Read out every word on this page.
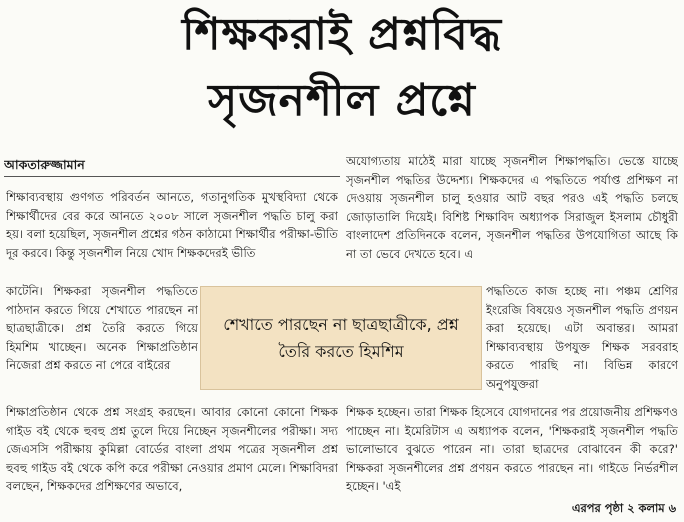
শিক্ষকরাই প্রশ্নবিদ্ধ
সৃজনশীল প্রশ্নে
আকতারুজ্জামান
শিক্ষাব্যবস্থায় গুণগত পরিবর্তন আনতে, গতানুগতিক মুখস্থবিদ্যা থেকে শিক্ষার্থীদের বের করে আনতে ২০০৮ সালে সৃজনশীল পদ্ধতি চালু করা হয়। বলা হয়েছিল, সৃজনশীল প্রশ্নের গঠন কাঠামো শিক্ষার্থীর পরীক্ষা-ভীতি দূর করবে। কিন্তু সৃজনশীল নিয়ে খোদ শিক্ষকদেরই ভীতি
কাটেনি। শিক্ষকরা সৃজনশীল পদ্ধতিতে পাঠদান করতে গিয়ে শেখাতে পারছেন না ছাত্রছাত্রীকে। প্রশ্ন তৈরি করতে গিয়ে হিমশিম খাচ্ছেন। অনেক শিক্ষাপ্রতিষ্ঠান নিজেরা প্রশ্ন করতে না পেরে বাইরের
শিক্ষাপ্রতিষ্ঠান থেকে প্রশ্ন সংগ্রহ করছেন। আবার কোনো কোনো শিক্ষক গাইড বই থেকে হুবহু প্রশ্ন তুলে দিয়ে নিচ্ছেন সৃজনশীলের পরীক্ষা। সদ্য জেএসসি পরীক্ষায় কুমিল্লা বোর্ডের বাংলা প্রথম পত্রের সৃজনশীল প্রশ্ন হুবহু গাইড বই থেকে কপি করে পরীক্ষা নেওয়ার প্রমাণ মেলে। শিক্ষাবিদরা বলছেন, শিক্ষকদের প্রশিক্ষণের অভাবে,
অযোগ্যতায় মাঠেই মারা যাচ্ছে সৃজনশীল শিক্ষাপদ্ধতি। ভেস্তে যাচ্ছে সৃজনশীল পদ্ধতির উদ্দেশ্য। শিক্ষকদের এ পদ্ধতিতে পর্যাপ্ত প্রশিক্ষণ না দেওয়ায় সৃজনশীল চালু হওয়ার আট বছর পরও এই পদ্ধতি চলছে জোড়াতালি দিয়েই। বিশিষ্ট শিক্ষাবিদ অধ্যাপক সিরাজুল ইসলাম চৌধুরী বাংলাদেশ প্রতিদিনকে বলেন, সৃজনশীল পদ্ধতির উপযোগিতা আছে কি না তা ভেবে দেখতে হবে। এ
পদ্ধতিতে কাজ হচ্ছে না। পঞ্চম শ্রেণির ইংরেজি বিষয়েও সৃজনশীল পদ্ধতি প্রণয়ন করা হয়েছে। এটা অবান্তর। আমরা শিক্ষাব্যবস্থায় উপযুক্ত শিক্ষক সরবরাহ করতে পারছি না। বিভিন্ন কারণে অনুপযুক্তরা
শিক্ষক হচ্ছেন। তারা শিক্ষক হিসেবে যোগদানের পর প্রয়োজনীয় প্রশিক্ষণও পাচ্ছেন না। ইমেরিটাস এ অধ্যাপক বলেন, 'শিক্ষকরাই সৃজনশীল পদ্ধতি ভালোভাবে বুঝতে পারেন না। তারা ছাত্রদের বোঝাবেন কী করে?' শিক্ষকরা সৃজনশীলের প্রশ্ন প্রণয়ন করতে পারছেন না। গাইডে নির্ভরশীল হচ্ছেন। 'এই
শেখাতে পারছেন না ছাত্রছাত্রীকে, প্রশ্ন তৈরি করতে হিমশিম
এরপর পৃষ্ঠা ২ কলাম ৬
